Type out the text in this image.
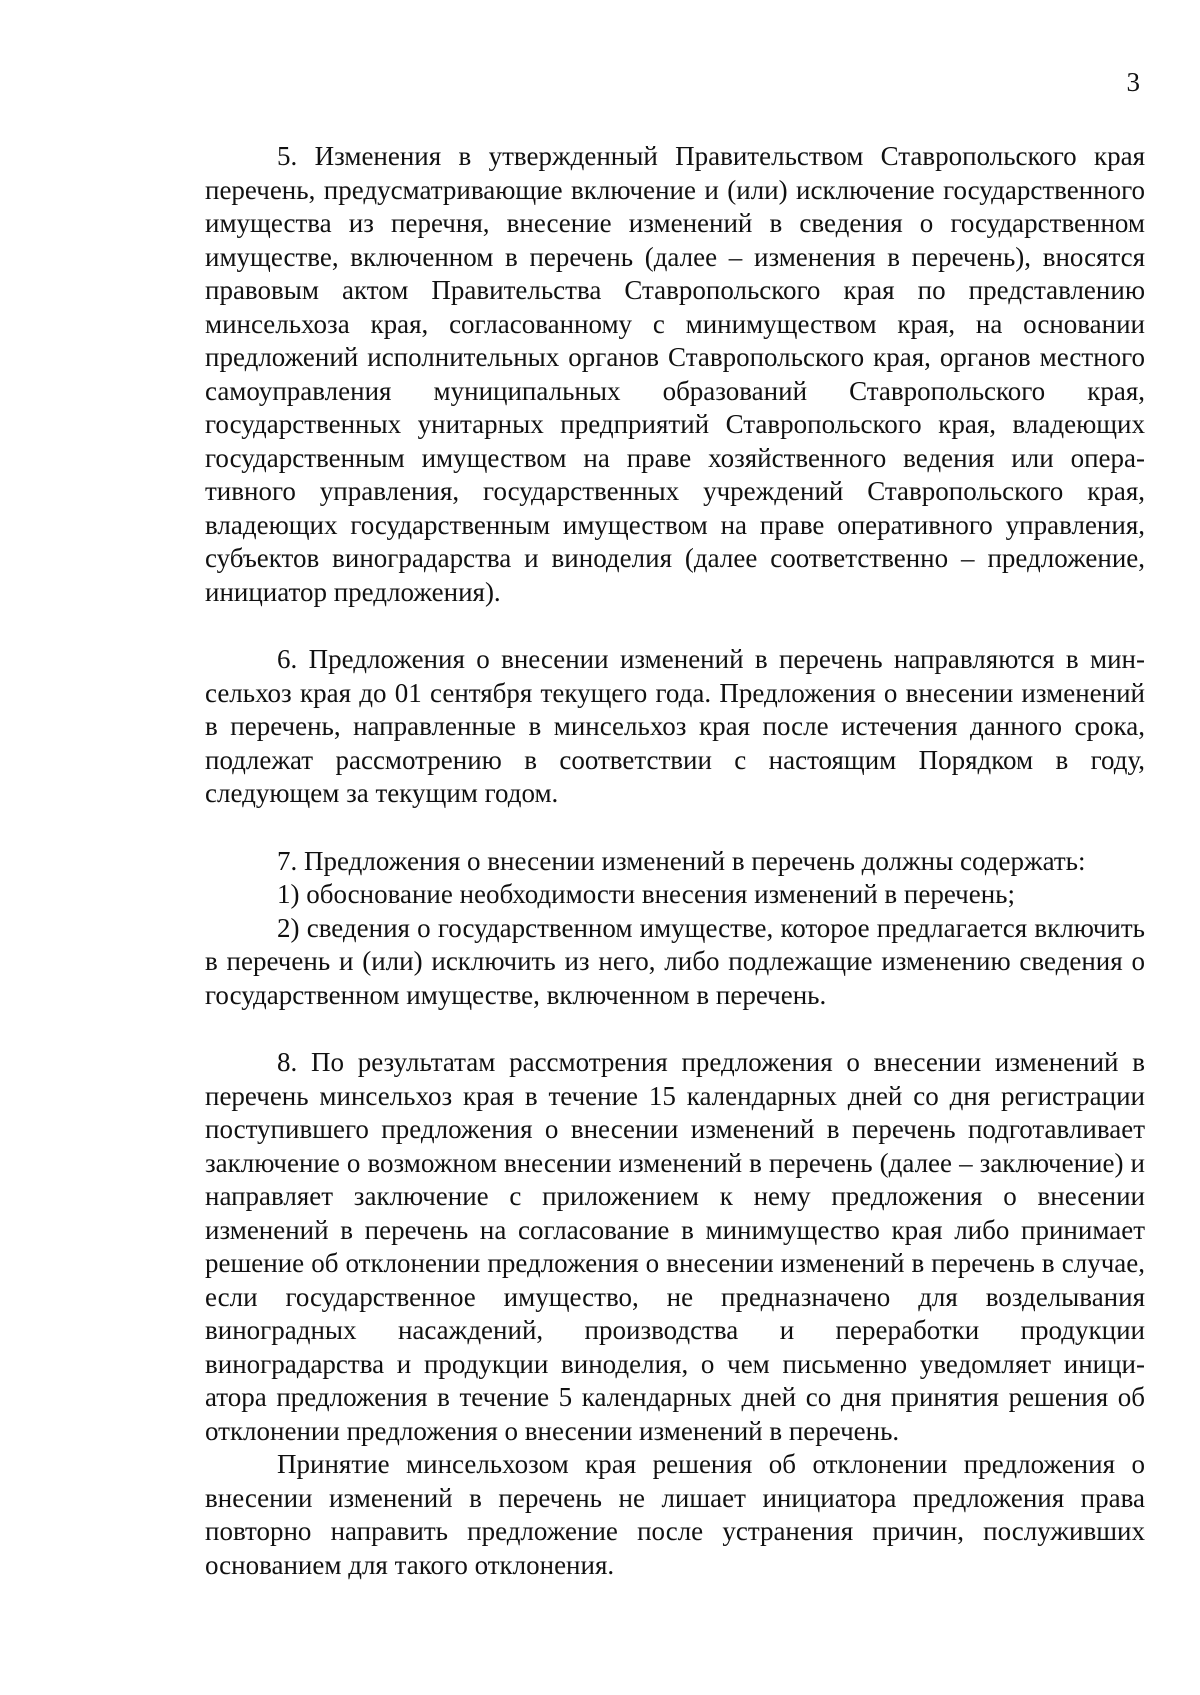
3

5. Изменения в утвержденный Правительством Ставропольского края перечень, предусматривающие включение и (или) исключение государственного имущества из перечня, внесение изменений в сведения о государственном имуществе, включенном в перечень (далее – изменения в перечень), вносятся правовым актом Правительства Ставропольского края по представлению минсельхоза края, согласованному с минимуществом края, на основании предложений исполнительных органов Ставропольского края, органов местного самоуправления муниципальных образований Ставропольского края, государственных унитарных предприятий Ставропольского края, владеющих государственным имуществом на праве хозяйственного ведения или оперативного управления, государственных учреждений Ставропольского края, владеющих государственным имуществом на праве оперативного управления, субъектов виноградарства и виноделия (далее соответственно – предложение, инициатор предложения).

6. Предложения о внесении изменений в перечень направляются в минсельхоз края до 01 сентября текущего года. Предложения о внесении изменений в перечень, направленные в минсельхоз края после истечения данного срока, подлежат рассмотрению в соответствии с настоящим Порядком в году, следующем за текущим годом.

7. Предложения о внесении изменений в перечень должны содержать:

1) обоснование необходимости внесения изменений в перечень;

2) сведения о государственном имуществе, которое предлагается включить в перечень и (или) исключить из него, либо подлежащие изменению сведения о государственном имуществе, включенном в перечень.

8. По результатам рассмотрения предложения о внесении изменений в перечень минсельхоз края в течение 15 календарных дней со дня регистрации поступившего предложения о внесении изменений в перечень подготавливает заключение о возможном внесении изменений в перечень (далее – заключение) и направляет заключение с приложением к нему предложения о внесении изменений в перечень на согласование в минимущество края либо принимает решение об отклонении предложения о внесении изменений в перечень в случае, если государственное имущество, не предназначено для возделывания виноградных насаждений, производства и переработки продукции виноградарства и продукции виноделия, о чем письменно уведомляет инициатора предложения в течение 5 календарных дней со дня принятия решения об отклонении предложения о внесении изменений в перечень.

Принятие минсельхозом края решения об отклонении предложения о внесении изменений в перечень не лишает инициатора предложения права повторно направить предложение после устранения причин, послуживших основанием для такого отклонения.
